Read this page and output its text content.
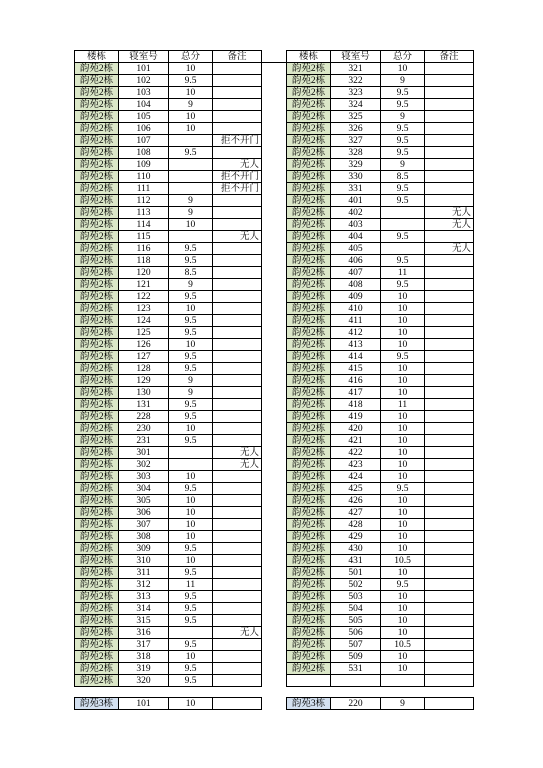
楼栋	寝室号	总分	备注		楼栋	寝室号	总分	备注
韵苑2栋	101	10			韵苑2栋	321	10	
韵苑2栋	102	9.5			韵苑2栋	322	9	
韵苑2栋	103	10			韵苑2栋	323	9.5	
韵苑2栋	104	9			韵苑2栋	324	9.5	
韵苑2栋	105	10			韵苑2栋	325	9	
韵苑2栋	106	10			韵苑2栋	326	9.5	
韵苑2栋	107		拒不开门		韵苑2栋	327	9.5	
韵苑2栋	108	9.5			韵苑2栋	328	9.5	
韵苑2栋	109		无人		韵苑2栋	329	9	
韵苑2栋	110		拒不开门		韵苑2栋	330	8.5	
韵苑2栋	111		拒不开门		韵苑2栋	331	9.5	
韵苑2栋	112	9			韵苑2栋	401	9.5	
韵苑2栋	113	9			韵苑2栋	402		无人
韵苑2栋	114	10			韵苑2栋	403		无人
韵苑2栋	115		无人		韵苑2栋	404	9.5	
韵苑2栋	116	9.5			韵苑2栋	405		无人
韵苑2栋	118	9.5			韵苑2栋	406	9.5	
韵苑2栋	120	8.5			韵苑2栋	407	11	
韵苑2栋	121	9			韵苑2栋	408	9.5	
韵苑2栋	122	9.5			韵苑2栋	409	10	
韵苑2栋	123	10			韵苑2栋	410	10	
韵苑2栋	124	9.5			韵苑2栋	411	10	
韵苑2栋	125	9.5			韵苑2栋	412	10	
韵苑2栋	126	10			韵苑2栋	413	10	
韵苑2栋	127	9.5			韵苑2栋	414	9.5	
韵苑2栋	128	9.5			韵苑2栋	415	10	
韵苑2栋	129	9			韵苑2栋	416	10	
韵苑2栋	130	9			韵苑2栋	417	10	
韵苑2栋	131	9.5			韵苑2栋	418	11	
韵苑2栋	228	9.5			韵苑2栋	419	10	
韵苑2栋	230	10			韵苑2栋	420	10	
韵苑2栋	231	9.5			韵苑2栋	421	10	
韵苑2栋	301		无人		韵苑2栋	422	10	
韵苑2栋	302		无人		韵苑2栋	423	10	
韵苑2栋	303	10			韵苑2栋	424	10	
韵苑2栋	304	9.5			韵苑2栋	425	9.5	
韵苑2栋	305	10			韵苑2栋	426	10	
韵苑2栋	306	10			韵苑2栋	427	10	
韵苑2栋	307	10			韵苑2栋	428	10	
韵苑2栋	308	10			韵苑2栋	429	10	
韵苑2栋	309	9.5			韵苑2栋	430	10	
韵苑2栋	310	10			韵苑2栋	431	10.5	
韵苑2栋	311	9.5			韵苑2栋	501	10	
韵苑2栋	312	11			韵苑2栋	502	9.5	
韵苑2栋	313	9.5			韵苑2栋	503	10	
韵苑2栋	314	9.5			韵苑2栋	504	10	
韵苑2栋	315	9.5			韵苑2栋	505	10	
韵苑2栋	316		无人		韵苑2栋	506	10	
韵苑2栋	317	9.5			韵苑2栋	507	10.5	
韵苑2栋	318	10			韵苑2栋	509	10	
韵苑2栋	319	9.5			韵苑2栋	531	10	
韵苑2栋	320	9.5						

韵苑3栋	101	10			韵苑3栋	220	9	
